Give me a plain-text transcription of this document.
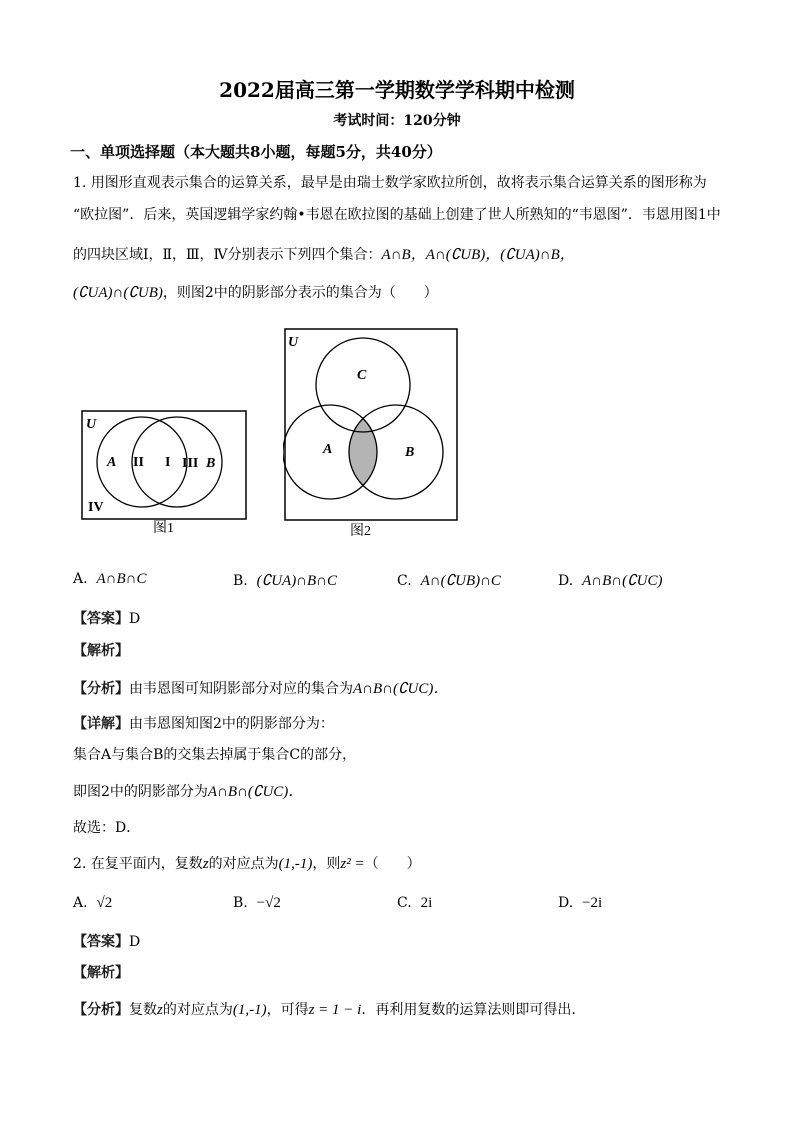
2022届高三第一学期数学学科期中检测
考试时间：120分钟
一、单项选择题（本大题共8小题，每题5分，共40分）
1. 用图形直观表示集合的运算关系，最早是由瑞士数学家欧拉所创，故将表示集合运算关系的图形称为
“欧拉图”．后来，英国逻辑学家约翰•韦恩在欧拉图的基础上创建了世人所熟知的“韦恩图”．韦恩用图1中
的四块区域Ⅰ，Ⅱ，Ⅲ，Ⅳ分别表示下列四个集合：A∩B，A∩(∁UB)，(∁UA)∩B，
(∁UA)∩(∁UB)，则图2中的阴影部分表示的集合为（　　）
U
A II I III B
IV
图1
U
C
A	B
图2
A. A∩B∩C	B. (∁UA)∩B∩C	C. A∩(∁UB)∩C	D. A∩B∩(∁UC)
【答案】D
【解析】
【分析】由韦恩图可知阴影部分对应的集合为A∩B∩(∁UC)．
【详解】由韦恩图知图2中的阴影部分为：
集合A与集合B的交集去掉属于集合C的部分，
即图2中的阴影部分为A∩B∩(∁UC)．
故选：D．
2. 在复平面内，复数z的对应点为(1,-1)，则z² =（　　）
A. √2	B. −√2	C. 2i	D. −2i
【答案】D
【解析】
【分析】复数z的对应点为(1,-1)，可得z = 1 − i．再利用复数的运算法则即可得出．
